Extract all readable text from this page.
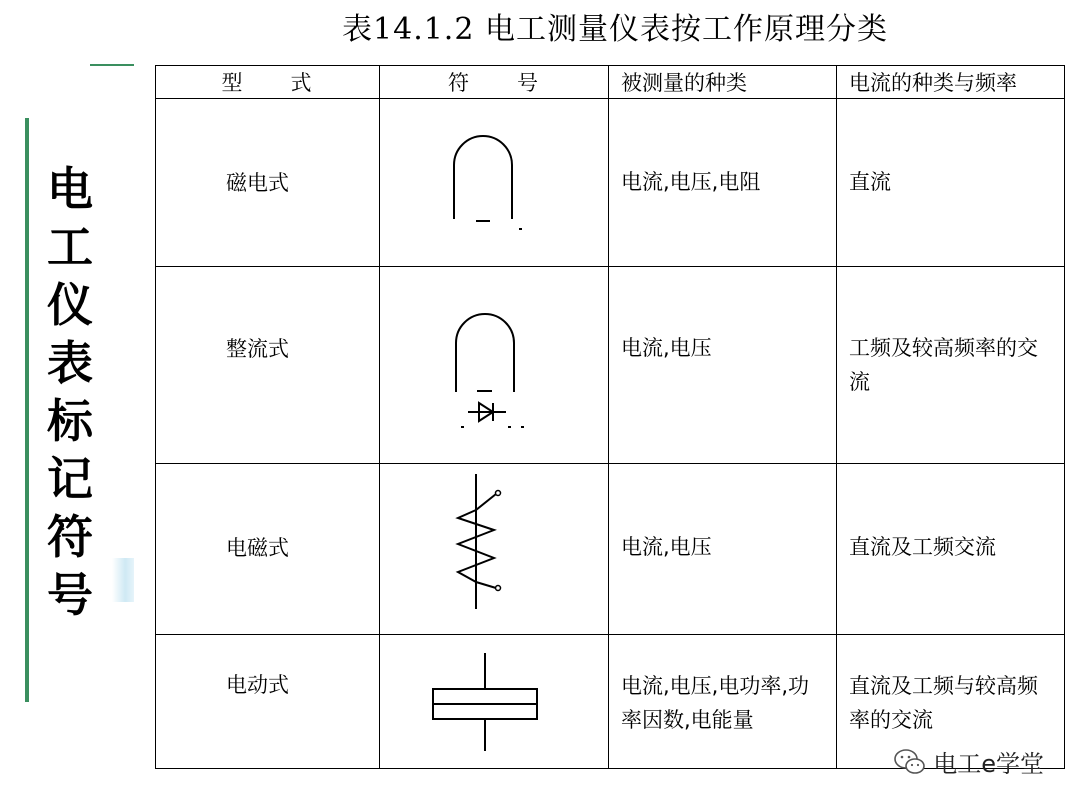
表14.1.2 电工测量仪表按工作原理分类
电
工
仪
表
标
记
符
号
型　　式	符　　号	被测量的种类	电流的种类与频率

磁电式		电流,电压,电阻	直流

整流式		电流,电压	工频及较高频率的交流

电磁式		电流,电压	直流及工频交流

电动式		电流,电压,电功率,功率因数,电能量	直流及工频与较高频率的交流
电工e学堂
